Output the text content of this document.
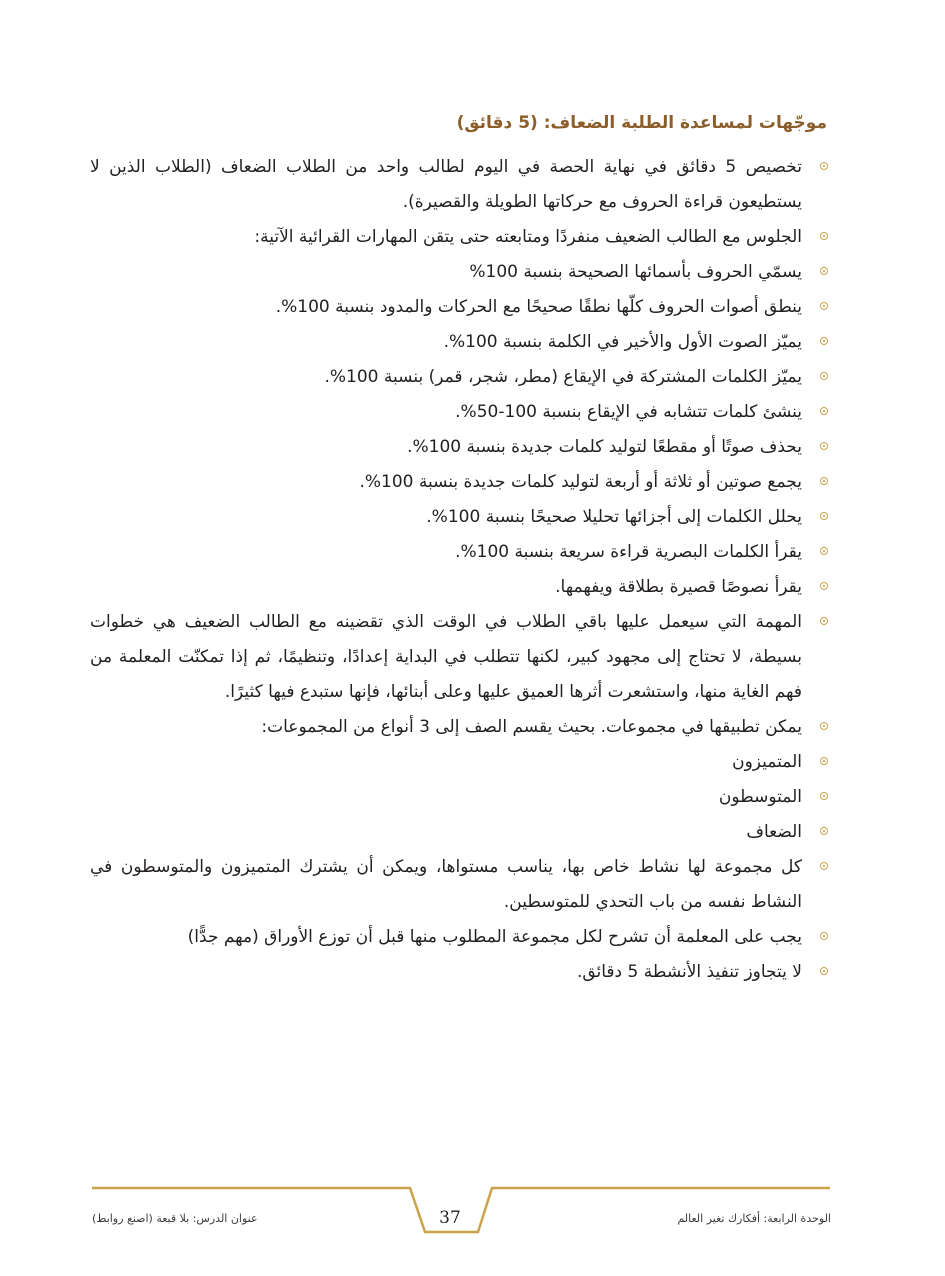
موجّهات لمساعدة الطلبة الضعاف: (5 دقائق)
تخصيص 5 دقائق في نهاية الحصة في اليوم لطالب واحد من الطلاب الضعاف (الطلاب الذين لا يستطيعون قراءة الحروف مع حركاتها الطويلة والقصيرة).
الجلوس مع الطالب الضعيف منفردًا ومتابعته حتى يتقن المهارات القرائية الآتية:
يسمّي الحروف بأسمائها الصحيحة بنسبة 100%
ينطق أصوات الحروف كلّها نطقًا صحيحًا مع الحركات والمدود بنسبة 100%.
يميّز الصوت الأول والأخير في الكلمة بنسبة 100%.
يميّز الكلمات المشتركة في الإيقاع (مطر، شجر، قمر) بنسبة 100%.
ينشئ كلمات تتشابه في الإيقاع بنسبة 100-50%.
يحذف صوتًا أو مقطعًا لتوليد كلمات جديدة بنسبة 100%.
يجمع صوتين أو ثلاثة أو أربعة لتوليد كلمات جديدة بنسبة 100%.
يحلل الكلمات إلى أجزائها تحليلا صحيحًا بنسبة 100%.
يقرأ الكلمات البصرية قراءة سريعة بنسبة 100%.
يقرأ نصوصًا قصيرة بطلاقة ويفهمها.
المهمة التي سيعمل عليها باقي الطلاب في الوقت الذي تقضينه مع الطالب الضعيف هي خطوات بسيطة، لا تحتاج إلى مجهود كبير، لكنها تتطلب في البداية إعدادًا، وتنظيمًا، ثم إذا تمكنّت المعلمة من فهم الغاية منها، واستشعرت أثرها العميق عليها وعلى أبنائها، فإنها ستبدع فيها كثيرًا.
يمكن تطبيقها في مجموعات. بحيث يقسم الصف إلى 3 أنواع من المجموعات:
المتميزون
المتوسطون
الضعاف
كل مجموعة لها نشاط خاص بها، يناسب مستواها، ويمكن أن يشترك المتميزون والمتوسطون في النشاط نفسه من باب التحدي للمتوسطين.
يجب على المعلمة أن تشرح لكل مجموعة المطلوب منها قبل أن توزع الأوراق (مهم جدًّا)
لا يتجاوز تنفيذ الأنشطة 5 دقائق.
الوحدة الرابعة: أفكارك تغير العالم
37
عنوان الدرس: بلا قبعة (اصنع روابط)
